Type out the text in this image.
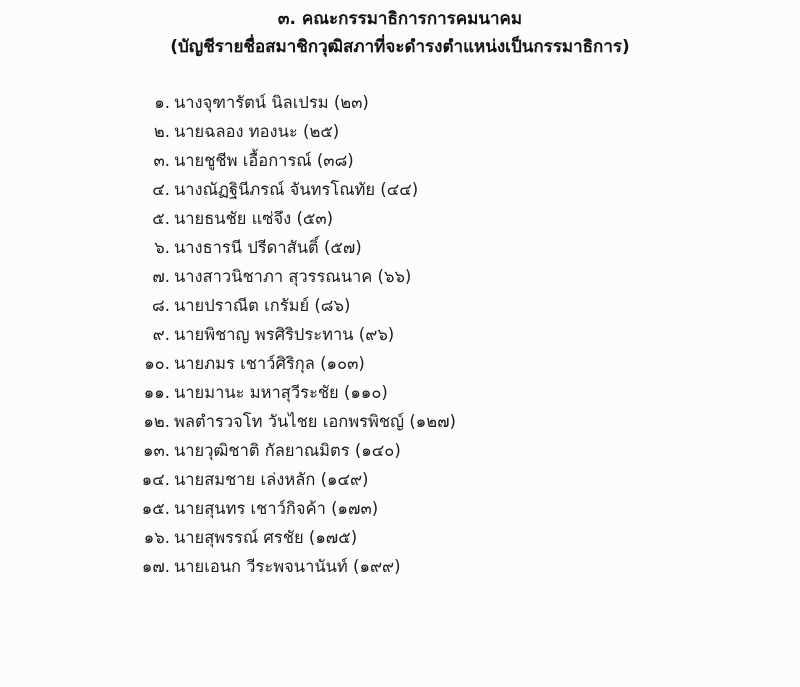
๓. คณะกรรมาธิการการคมนาคม
(บัญชีรายชื่อสมาชิกวุฒิสภาที่จะดำรงตำแหน่งเป็นกรรมาธิการ)
๑. นางจุฑารัตน์ นิลเปรม (๒๓)
๒. นายฉลอง ทองนะ (๒๕)
๓. นายชูชีพ เอื้อการณ์ (๓๘)
๔. นางณัฏฐินีภรณ์ จันทรโณทัย (๔๔)
๕. นายธนชัย แซ่จึง (๕๓)
๖. นางธารนี ปรีดาสันติ์ (๕๗)
๗. นางสาวนิชาภา สุวรรณนาค (๖๖)
๘. นายปราณีต เกรัมย์ (๘๖)
๙. นายพิชาญ พรศิริประทาน (๙๖)
๑๐. นายภมร เชาว์ศิริกุล (๑๐๓)
๑๑. นายมานะ มหาสุวีระชัย (๑๑๐)
๑๒. พลตำรวจโท วันไชย เอกพรพิชญ์ (๑๒๗)
๑๓. นายวุฒิชาติ กัลยาณมิตร (๑๔๐)
๑๔. นายสมชาย เล่งหลัก (๑๔๙)
๑๕. นายสุนทร เชาว์กิจค้า (๑๗๓)
๑๖. นายสุพรรณ์ ศรชัย (๑๗๕)
๑๗. นายเอนก วีระพจนานันท์ (๑๙๙)
